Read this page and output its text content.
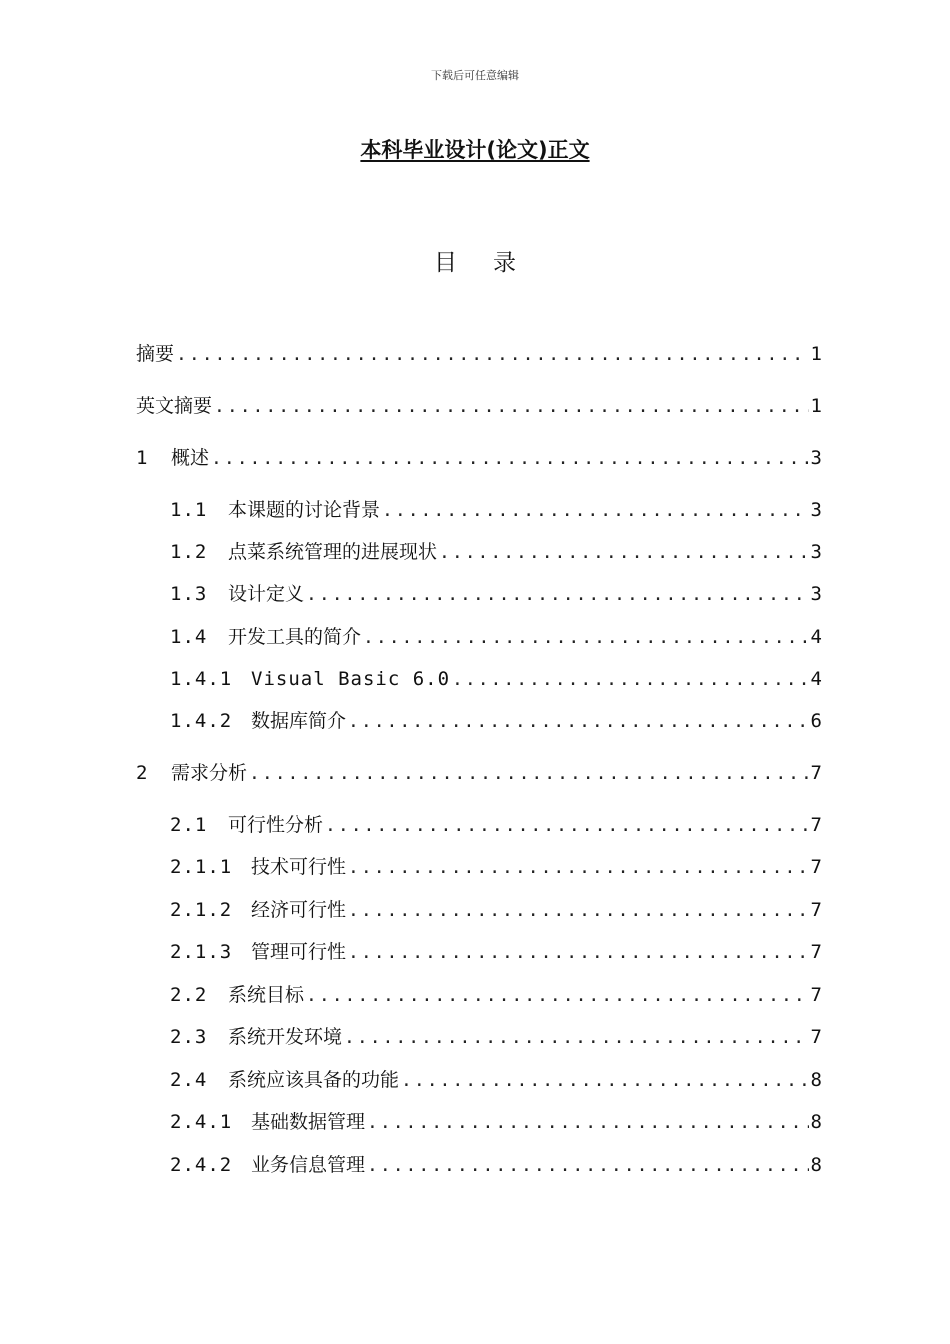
下载后可任意编辑
本科毕业设计(论文)正文
目录
摘要 .....	1
英文摘要 .....	1
1	概述 .....	3
1.1	本课题的讨论背景 .....	3
1.2	点菜系统管理的进展现状 .....	3
1.3	设计定义 .....	3
1.4	开发工具的简介 .....	4
1.4.1 Visual Basic 6.0 .....	4
1.4.2 数据库简介 .....	6
2	需求分析 .....	7
2.1	可行性分析 .....	7
2.1.1 技术可行性 .....	7
2.1.2 经济可行性 .....	7
2.1.3 管理可行性 .....	7
2.2	系统目标 .....	7
2.3	系统开发环境 .....	7
2.4	系统应该具备的功能 .....	8
2.4.1 基础数据管理 .....	8
2.4.2 业务信息管理 .....	8
